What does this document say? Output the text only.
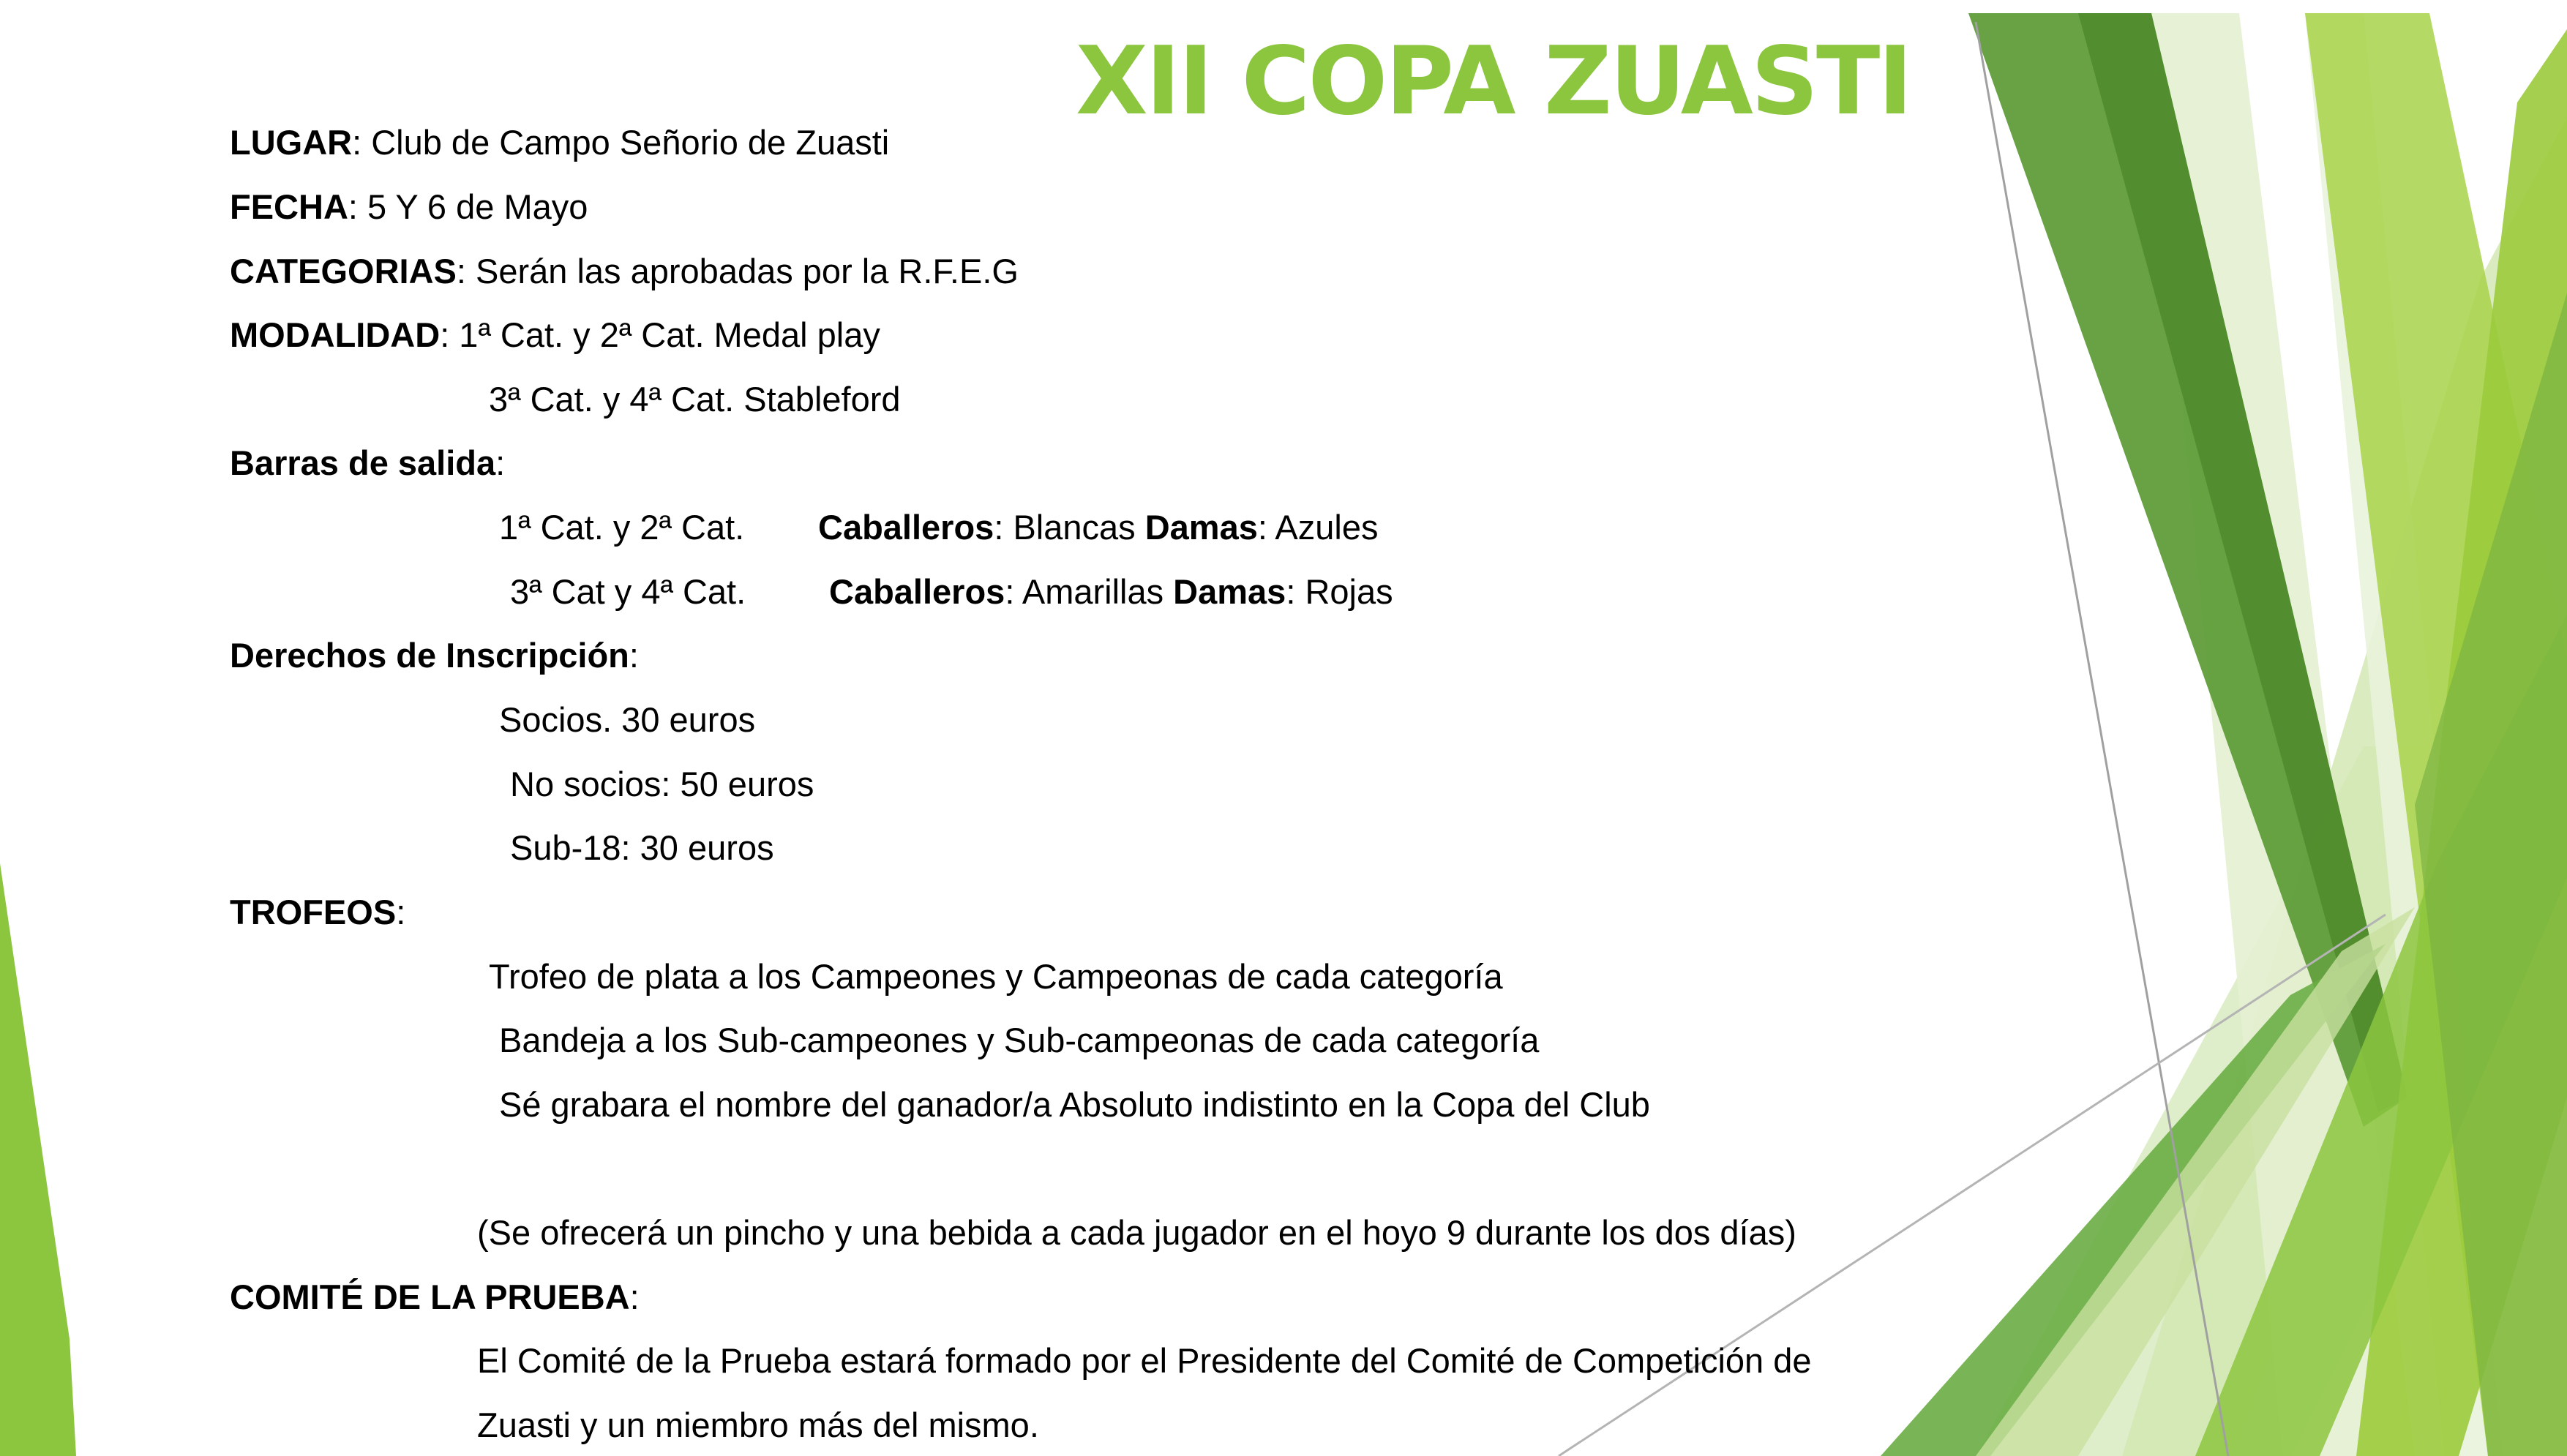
XII COPA ZUASTI
LUGAR: Club de Campo Señorio de Zuasti
FECHA: 5 Y 6 de Mayo
CATEGORIAS: Serán las aprobadas por la R.F.E.G
MODALIDAD: 1ª Cat. y 2ª Cat. Medal play
3ª Cat. y 4ª Cat. Stableford
Barras de salida:
1ª Cat. y 2ª Cat. Caballeros: Blancas Damas: Azules
3ª Cat y 4ª Cat. Caballeros: Amarillas Damas: Rojas
Derechos de Inscripción:
Socios. 30 euros
No socios: 50 euros
Sub-18: 30 euros
TROFEOS:
Trofeo de plata a los Campeones y Campeonas de cada categoría
Bandeja a los Sub-campeones y Sub-campeonas de cada categoría
Sé grabara el nombre del ganador/a Absoluto indistinto en la Copa del Club
(Se ofrecerá un pincho y una bebida a cada jugador en el hoyo 9 durante los dos días)
COMITÉ DE LA PRUEBA:
El Comité de la Prueba estará formado por el Presidente del Comité de Competición de
Zuasti y un miembro más del mismo.
